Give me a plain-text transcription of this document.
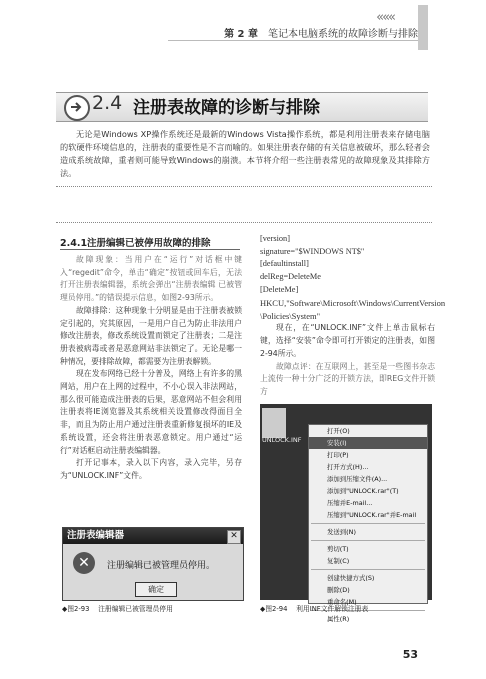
«««
第 2 章 笔记本电脑系统的故障诊断与排除
2.4 注册表故障的诊断与排除
无论是Windows XP操作系统还是最新的Windows Vista操作系统，都是利用注册表来存储电脑的软硬件环境信息的，注册表的重要性是不言而喻的。如果注册表存储的有关信息被破坏，那么轻者会造成系统故障，重者则可能导致Windows的崩溃。本节将介绍一些注册表常见的故障现象及其排除方法。
2.4.1注册编辑已被停用故障的排除

故障现象：当用户在“运行”对话框中键入“regedit”命令，单击“确定”按钮或回车后，无法打开注册表编辑器，系统会弹出“注册表编辑 已被管理员停用。”的错误提示信息，如图2-93所示。

故障排除：这种现象十分明显是由于注册表被锁定引起的，究其原因，一是用户自己为防止非法用户修改注册表，修改系统设置而锁定了注册表；二是注册表被病毒或者是恶意网站非法锁定了。无论是哪一种情况，要排除故障，都需要为注册表解锁。

现在发布网络已经十分普及，网络上有许多的黑网站，用户在上网的过程中，不小心误入非法网站，那么很可能造成注册表的后果，恶意网站不但会利用注册表将IE浏览器及其系统相关设置修改得面目全非，而且为防止用户通过注册表重新修复损坏的IE及系统设置，还会将注册表恶意锁定。用户通过“运行”对话框启动注册表编辑器。

打开记事本，录入以下内容，录入完毕，另存为“UNLOCK.INF”文件。

[version]
signature="$WINDOWS NT$"
[defaultinstall]
delReg=DeleteMe
[DeleteMe]

HKCU,"Software\Microsoft\Windows\CurrentVersion \Policies\System"

现在，在“UNLOCK.INF”文件上单击鼠标右键，选择“安装”命令即可打开锁定的注册表，如图2-94所示。

故障点评：在互联网上，甚至是一些图书杂志上流传一种十分广泛的开锁方法，即REG文件开锁方

注册表编辑器	✕
✕	注册编辑已被管理员停用。
确定
◆图2-93 注册编辑已被管理员停用
UNLOCK.INF
打开(O)
安装(I)
打印(P)
打开方式(H)...
添加到压缩文件(A)...
添加到"UNLOCK.rar"(T)
压缩并E-mail...
压缩到"UNLOCK.rar"并E-mail
发送到(N)
剪切(T)
复制(C)
创建快捷方式(S)
删除(D)
重命名(M)
属性(R)
◆图2-94 利用INF文件解锁注册表
53
